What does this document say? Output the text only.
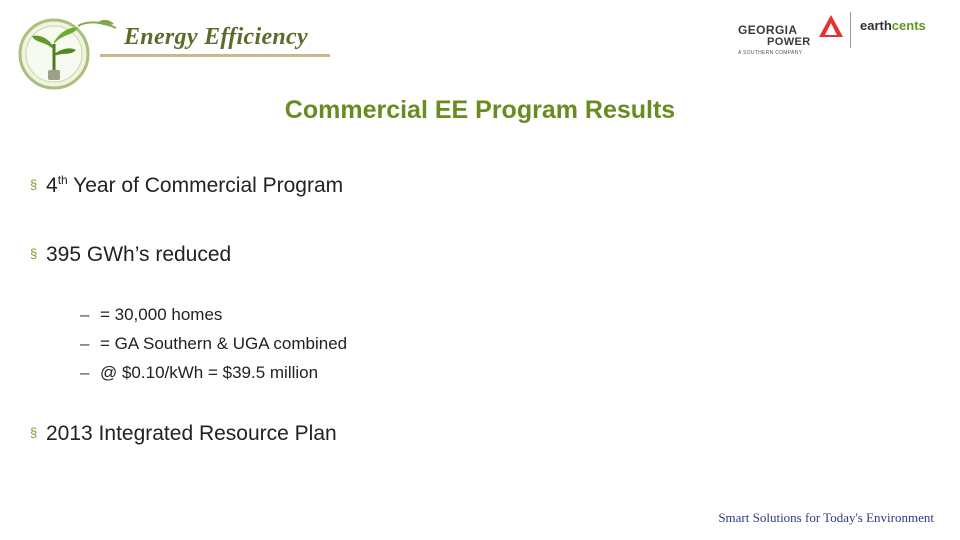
Energy Efficiency	GEORGIA
POWER
A SOUTHERN COMPANY
earthcents
Commercial EE Program Results
§ 4th Year of Commercial Program
§ 395 GWh’s reduced
– = 30,000 homes
– = GA Southern & UGA combined
– @ $0.10/kWh = $39.5 million
§ 2013 Integrated Resource Plan
Smart Solutions for Today's Environment
